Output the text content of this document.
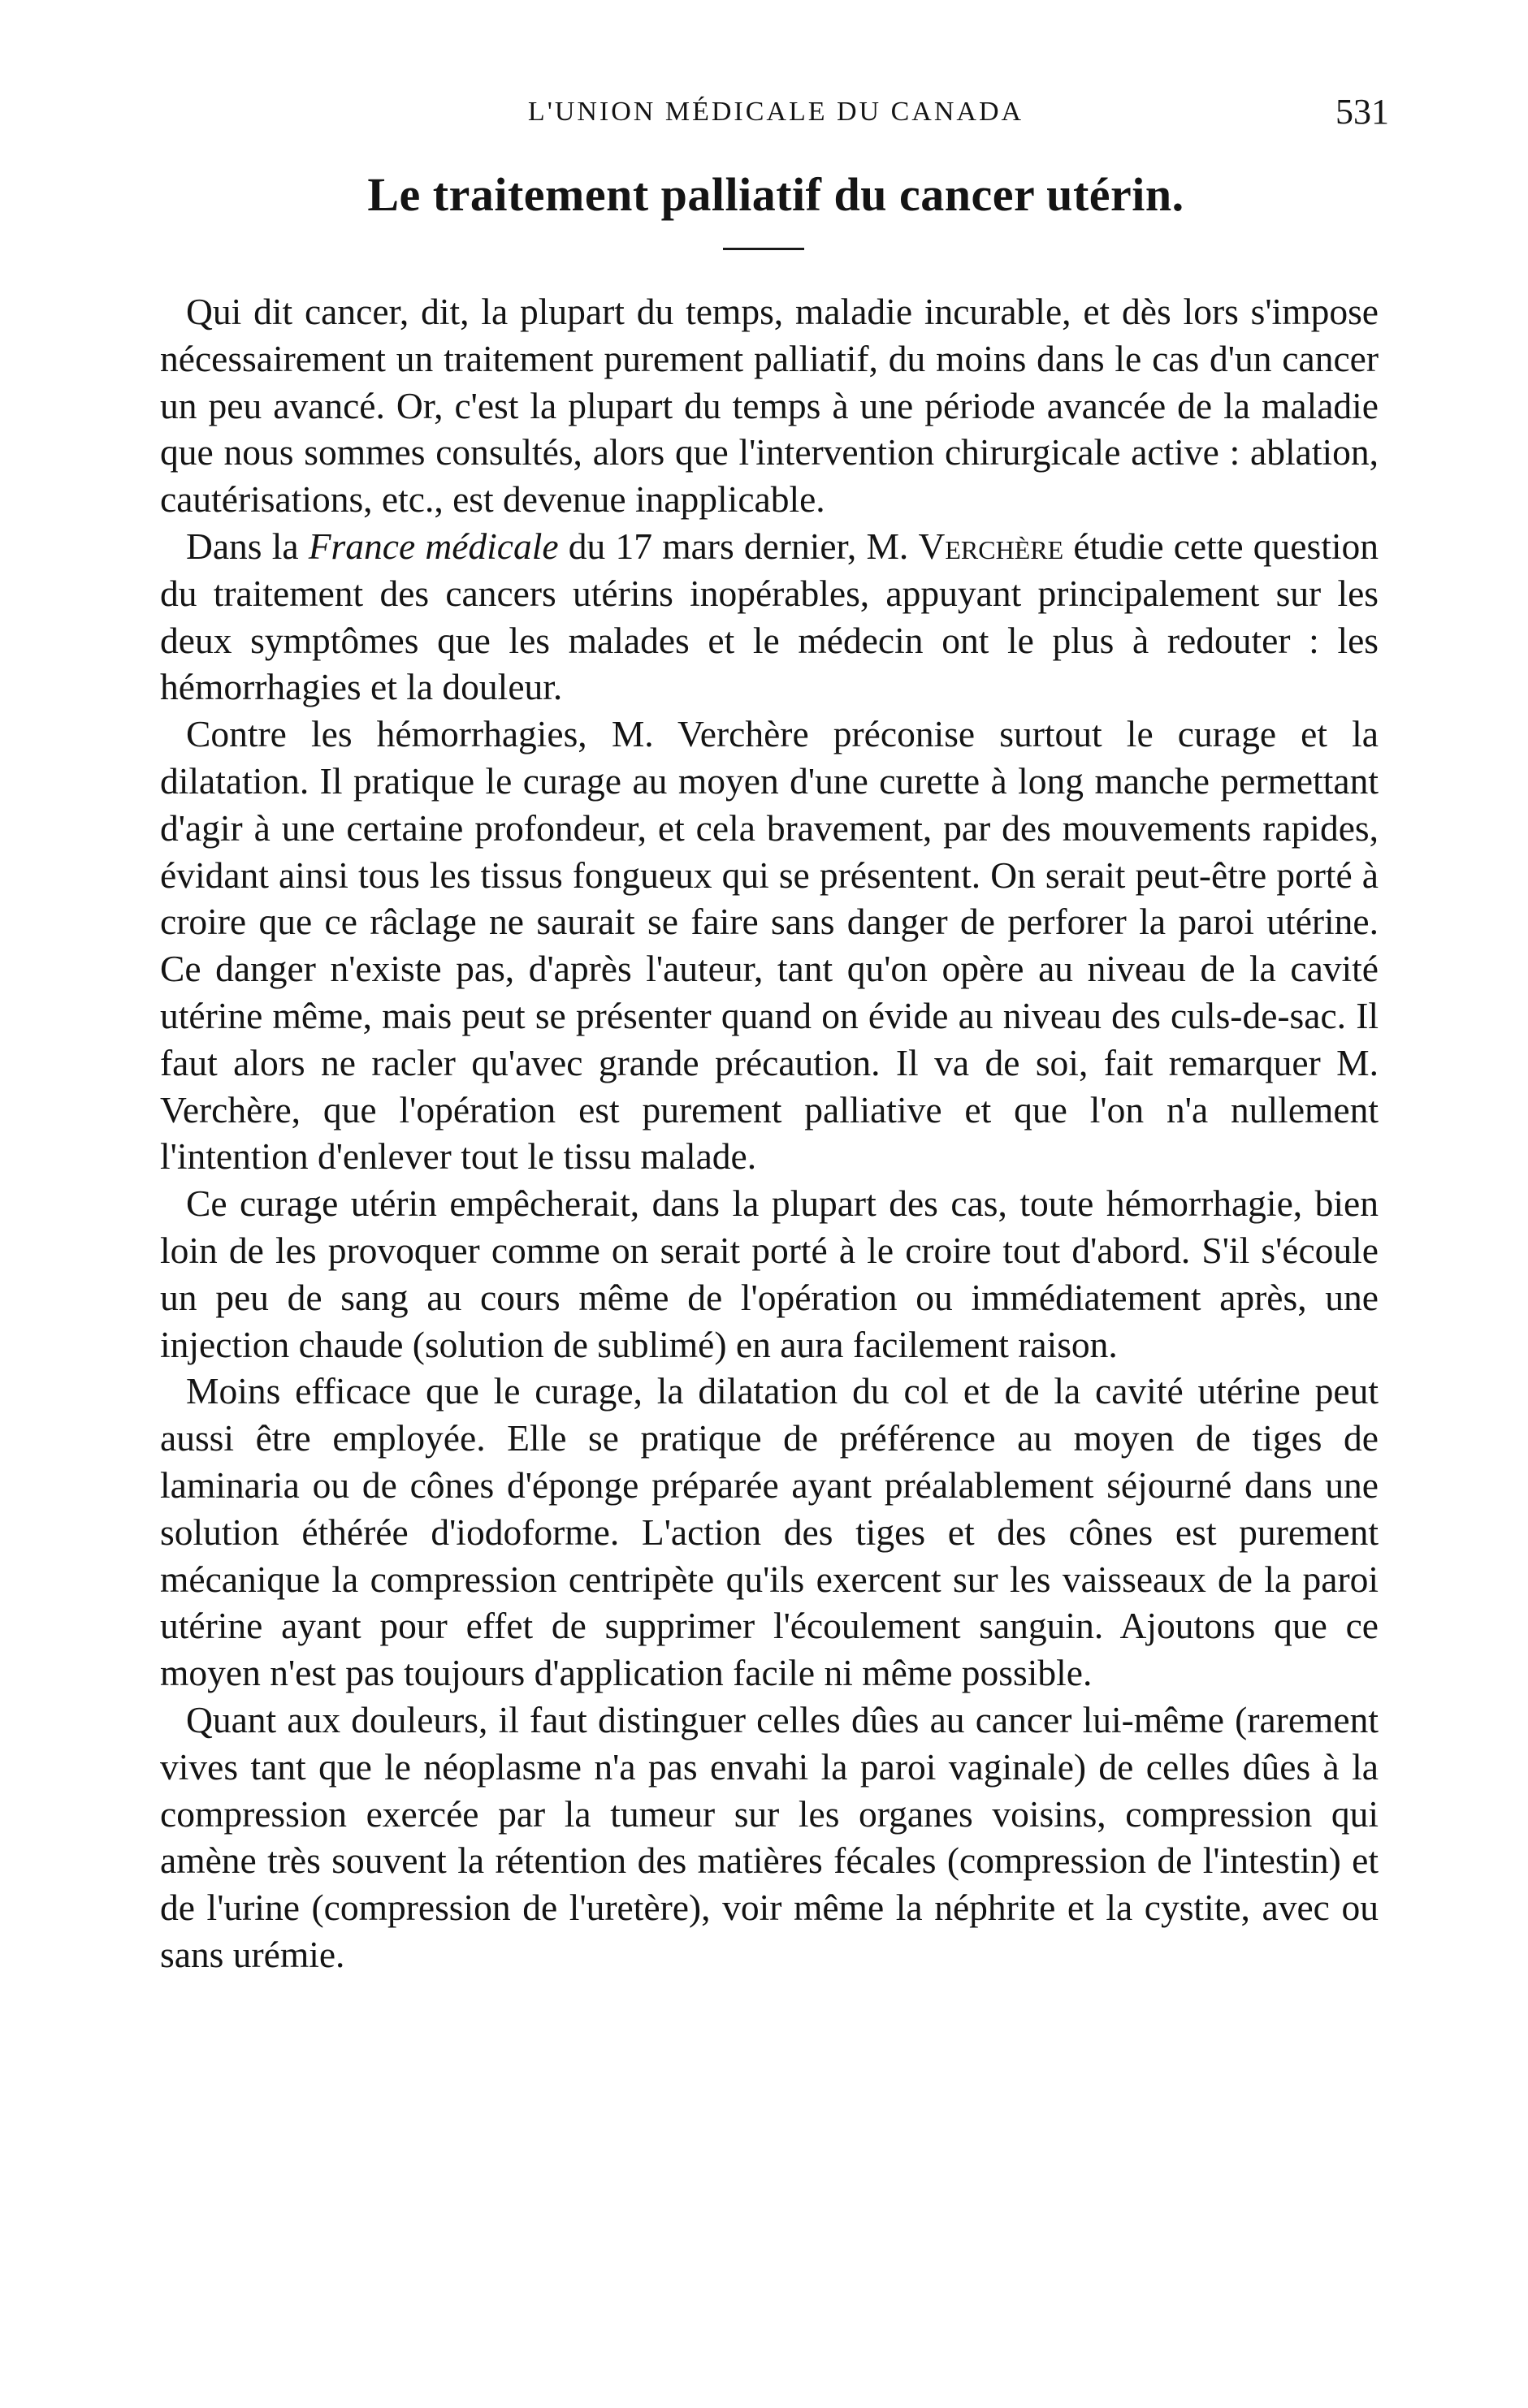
L'UNION MÉDICALE DU CANADA	531
Le traitement palliatif du cancer utérin.

Qui dit cancer, dit, la plupart du temps, maladie incurable, et dès lors s'impose nécessairement un traitement purement palliatif, du moins dans le cas d'un cancer un peu avancé. Or, c'est la plupart du temps à une période avancée de la maladie que nous sommes consultés, alors que l'intervention chirurgicale active : ablation, cautérisations, etc., est devenue inapplicable.

Dans la France médicale du 17 mars dernier, M. Verchère étudie cette question du traitement des cancers utérins inopérables, appuyant principalement sur les deux symptômes que les malades et le médecin ont le plus à redouter : les hémorrhagies et la douleur.

Contre les hémorrhagies, M. Verchère préconise surtout le curage et la dilatation. Il pratique le curage au moyen d'une curette à long manche permettant d'agir à une certaine profondeur, et cela bravement, par des mouvements rapides, évidant ainsi tous les tissus fongueux qui se présentent. On serait peut-être porté à croire que ce râclage ne saurait se faire sans danger de perforer la paroi utérine. Ce danger n'existe pas, d'après l'auteur, tant qu'on opère au niveau de la cavité utérine même, mais peut se présenter quand on évide au niveau des culs-de-sac. Il faut alors ne racler qu'avec grande précaution. Il va de soi, fait remarquer M. Verchère, que l'opération est purement palliative et que l'on n'a nullement l'intention d'enlever tout le tissu malade.

Ce curage utérin empêcherait, dans la plupart des cas, toute hémorrhagie, bien loin de les provoquer comme on serait porté à le croire tout d'abord. S'il s'écoule un peu de sang au cours même de l'opération ou immédiatement après, une injection chaude (solution de sublimé) en aura facilement raison.

Moins efficace que le curage, la dilatation du col et de la cavité utérine peut aussi être employée. Elle se pratique de préférence au moyen de tiges de laminaria ou de cônes d'éponge préparée ayant préalablement séjourné dans une solution éthérée d'iodoforme. L'action des tiges et des cônes est purement mécanique la compression centripète qu'ils exercent sur les vaisseaux de la paroi utérine ayant pour effet de supprimer l'écoulement sanguin. Ajoutons que ce moyen n'est pas toujours d'application facile ni même possible.

Quant aux douleurs, il faut distinguer celles dûes au cancer lui-même (rarement vives tant que le néoplasme n'a pas envahi la paroi vaginale) de celles dûes à la compression exercée par la tumeur sur les organes voisins, compression qui amène très souvent la rétention des matières fécales (compression de l'intestin) et de l'urine (compression de l'uretère), voir même la néphrite et la cystite, avec ou sans urémie.
